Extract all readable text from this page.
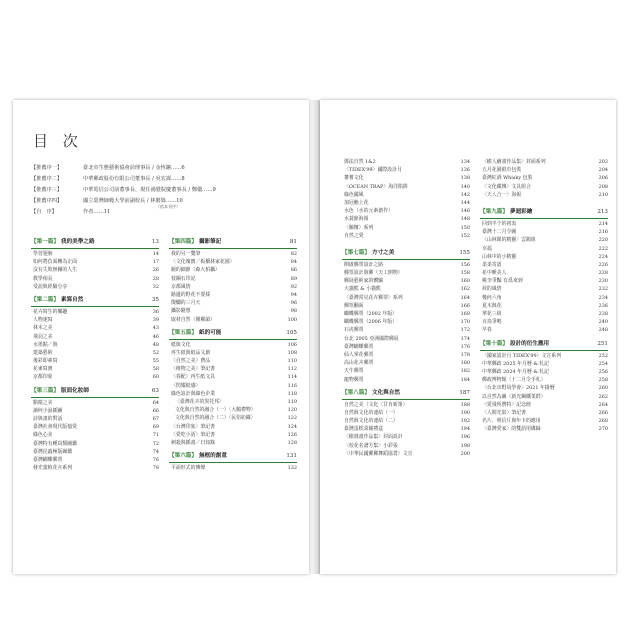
目 次
【推薦序一】	臺北市生態藝術協會前理事長 / 金恆鑣……6
【推薦序二】	中華郵政股份有限公司董事長 / 吳宏謀……8
【推薦序三】	中華電信公司前董事長、現任鴻覺院慶董事長 / 鄭優……9
【推薦序四】	國立臺灣師範大學前副校長 / 林磐聳……10
（依本刊序）
【自　序】	作者……11
【第一篇】 我的美學之路	13
學習翅膀	14
如何將負面轉為正面	17
沒有失敗無關的人生	26
教學相長	28
受訪與經驗分享	32
【第二篇】 素寫自然	35
花卉寫生的樂趣	36
人物速寫	39
林木之美	43
飛羽之美	46
水墨點／與	48
建築藝術	52
後彩即素寫	55
花東寫實	58
京都印象	60
【第三篇】 版面化妝師	63
點睛之美	64
讀何小說插圖	66
詩與畫的對話	67
臺灣社會現代版憶愛	69
綠色心美	71
臺灣特有種鳥類圖鑑	72
臺灣昆蟲極版圖鑑	74
臺灣蝴蝶郵票	76
發光葉植花卉系列	78
【第四篇】 攝影筆記	81
我的另一雙筆	82
〈文化瑰寶／板橋林家花園〉	84
鏡的細節（森大柏攝）	86
枝鋼石印記	89
京都風情	92
路邊的野花不要採	94
燦爛的三月天	96
攝影隨想	98
取材自然（開郵韻）	100
【第五篇】 紙的可能	105
紙與文化	106
再生紙與紙品文創	108
〈自然之美〉費品	110
〈植物之美〉筆記書	112
〈春配〉再生紙文具	114
〈閃耀紙感〉	116
綠色設計與綠色企業	118
〈臺灣花卉的異托邦〉	119
文化與自然的融合（一）〈大鵝禮物〉	120
文化與自然的融合（二）〈民俗紡織〉	122
〈台灣印象〉筆記書	124
〈愛吃小語〉筆記書	126
刺殺與插畫／日知錄	128
【第六篇】 無框的創意	131
平面形式的傳聲	132
鄧法自然 1&2	134
〈TIDEX'99〉國際設計月	136
蕃薯文化	138
〈OCEAN TRAP〉海洋陷阱	140
綠色國風	142
加冠賴上花	144
水色（水的元素創作）	146
水蓑節海報	148
〈關懷〉系列	150
自然之愛	152
【第七篇】 方寸之美	155
開啟郵票設計之路	156
郵票設計與郵（天工開物）	158
郵展藝術家的體驗	160
大貓熊 & 小貓熊	162
〈臺灣常見花卉郵票〉系列	164
郵票翻面	166
蝴蝶郵票（2002 年版）	168
蝴蝶郵票（2006 年版）	170
石虎郵票	172
台北 2005 亞洲國際郵展	174
臺灣蝴蝶郵票	176
仙人掌花郵票	178
高山花卉郵票	180
天牛郵票	182
寵物郵票	184
【第八篇】 文化與自然	187
自然之美（文化〈甘肯新策〉	188
自然與文化的連結（一）	190
自然與文化的連結（二）	192
臺灣蛋糕菜餚禮盒	194
〈樹淵畫作品集〉封面設計	196
〈校花名譜方集〉小彩張	198
〈中華民國郵郵舞蹈協賞〉文宣	200
〈樹人繪畫作品集〉封面系列	202
五月花園紙巾包裝	204
臺灣紅酒 Whisky 包裝	206
〈文化藏傳〉文具組合	208
〈天人合一〉海報	210
【第九篇】 夢迴彩繪	213
回到半个的初衷	214
臺灣十二月令圖	216
〈山林間的精靈〉雲鵲組	220
幸福	222
山林中的小精靈	224
柔柔寄語	226
花中睡美人	228
桃李爭豔 有爲來到	230
荷的風情	232
幾何六角	234
夏木與花	236
華花三組	238
百鳥爭鳴	240
早春	248
【第十篇】 設計的衍生應用	251
〈國家設計月 TIDEX'99〉文宣系列	252
中華郵政 2025 年月曆 & 札記	254
中華郵政 2024 年月曆 & 札記	256
郵政博物館〈十二月令手札〉	258
〈台北市野鳥學會〉2021 年掛曆	260
以自然為圖〈新光鋼鐵業群〉	262
〈愛飛所費特〉記念冊	264
〈人間光影〉筆記書	266
名片、明信片與年卡的應用	268
〈臺灣愛家〉的雙語用碟歸	270
